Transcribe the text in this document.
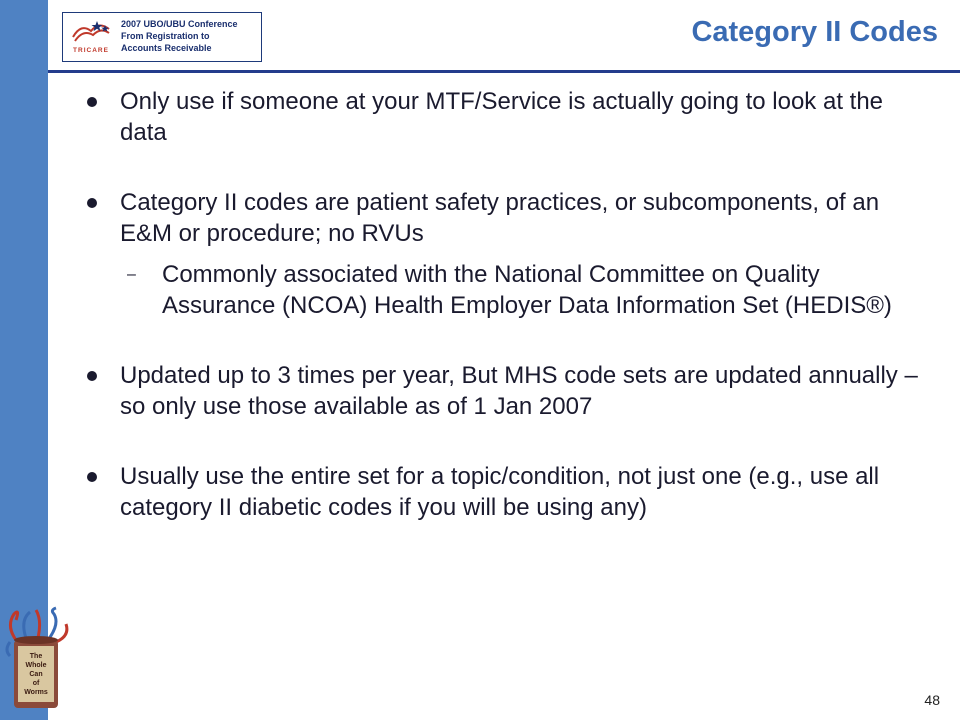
TRICARE
2007 UBO/UBU Conference
From Registration to
Accounts Receivable	Category II Codes
Only use if someone at your MTF/Service is actually going to look at the data
Category II codes are patient safety practices, or subcomponents, of an E&M or procedure; no RVUs
– Commonly associated with the National Committee on Quality Assurance (NCOA) Health Employer Data Information Set (HEDIS®)
Updated up to 3 times per year, But MHS code sets are updated annually – so only use those available as of 1 Jan 2007
Usually use the entire set for a topic/condition, not just one (e.g., use all category II diabetic codes if you will be using any)
The
Whole
Can
of
Worms	48
